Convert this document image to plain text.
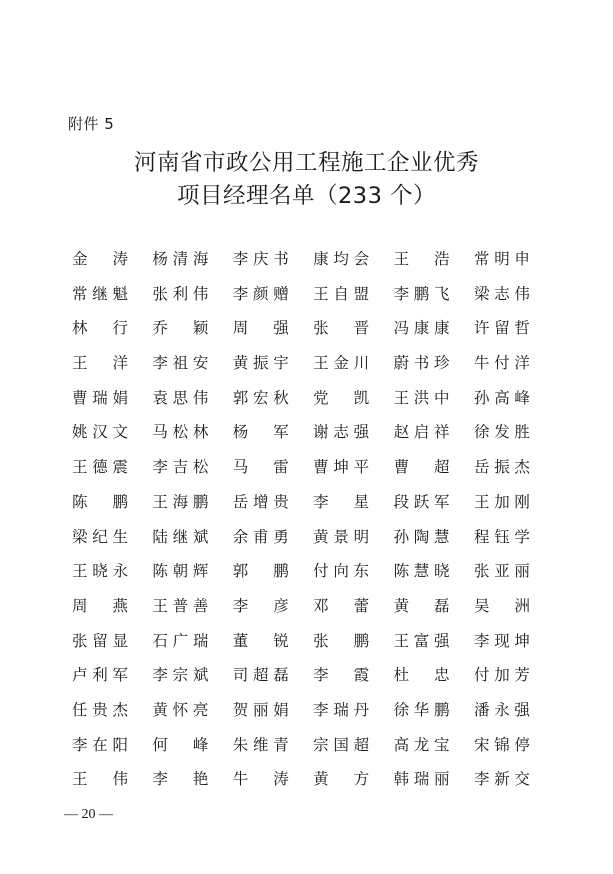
附件 5
河南省市政公用工程施工企业优秀
项目经理名单（233 个）
金 涛 杨 清 海 李 庆 书 康 均 会 王 浩 常 明 申
常 继 魁 张 利 伟 李 颜 赠 王 自 盟 李 鹏 飞 梁 志 伟
林 行 乔 颖 周 强 张 晋 冯 康 康 许 留 哲
王 洋 李 祖 安 黄 振 宇 王 金 川 蔚 书 珍 牛 付 洋
曹 瑞 娟 袁 思 伟 郭 宏 秋 党 凯 王 洪 中 孙 高 峰
姚 汉 文 马 松 林 杨 军 谢 志 强 赵 启 祥 徐 发 胜
王 德 震 李 吉 松 马 雷 曹 坤 平 曹 超 岳 振 杰
陈 鹏 王 海 鹏 岳 增 贵 李 星 段 跃 军 王 加 刚
梁 纪 生 陆 继 斌 余 甫 勇 黄 景 明 孙 陶 慧 程 钰 学
王 晓 永 陈 朝 辉 郭 鹏 付 向 东 陈 慧 晓 张 亚 丽
周 燕 王 普 善 李 彦 邓 蕾 黄 磊 吴 洲
张 留 显 石 广 瑞 董 锐 张 鹏 王 富 强 李 现 坤
卢 利 军 李 宗 斌 司 超 磊 李 霞 杜 忠 付 加 芳
任 贵 杰 黄 怀 亮 贺 丽 娟 李 瑞 丹 徐 华 鹏 潘 永 强
李 在 阳 何 峰 朱 维 青 宗 国 超 高 龙 宝 宋 锦 停
王 伟 李 艳 牛 涛 黄 方 韩 瑞 丽 李 新 交
— 20 —
